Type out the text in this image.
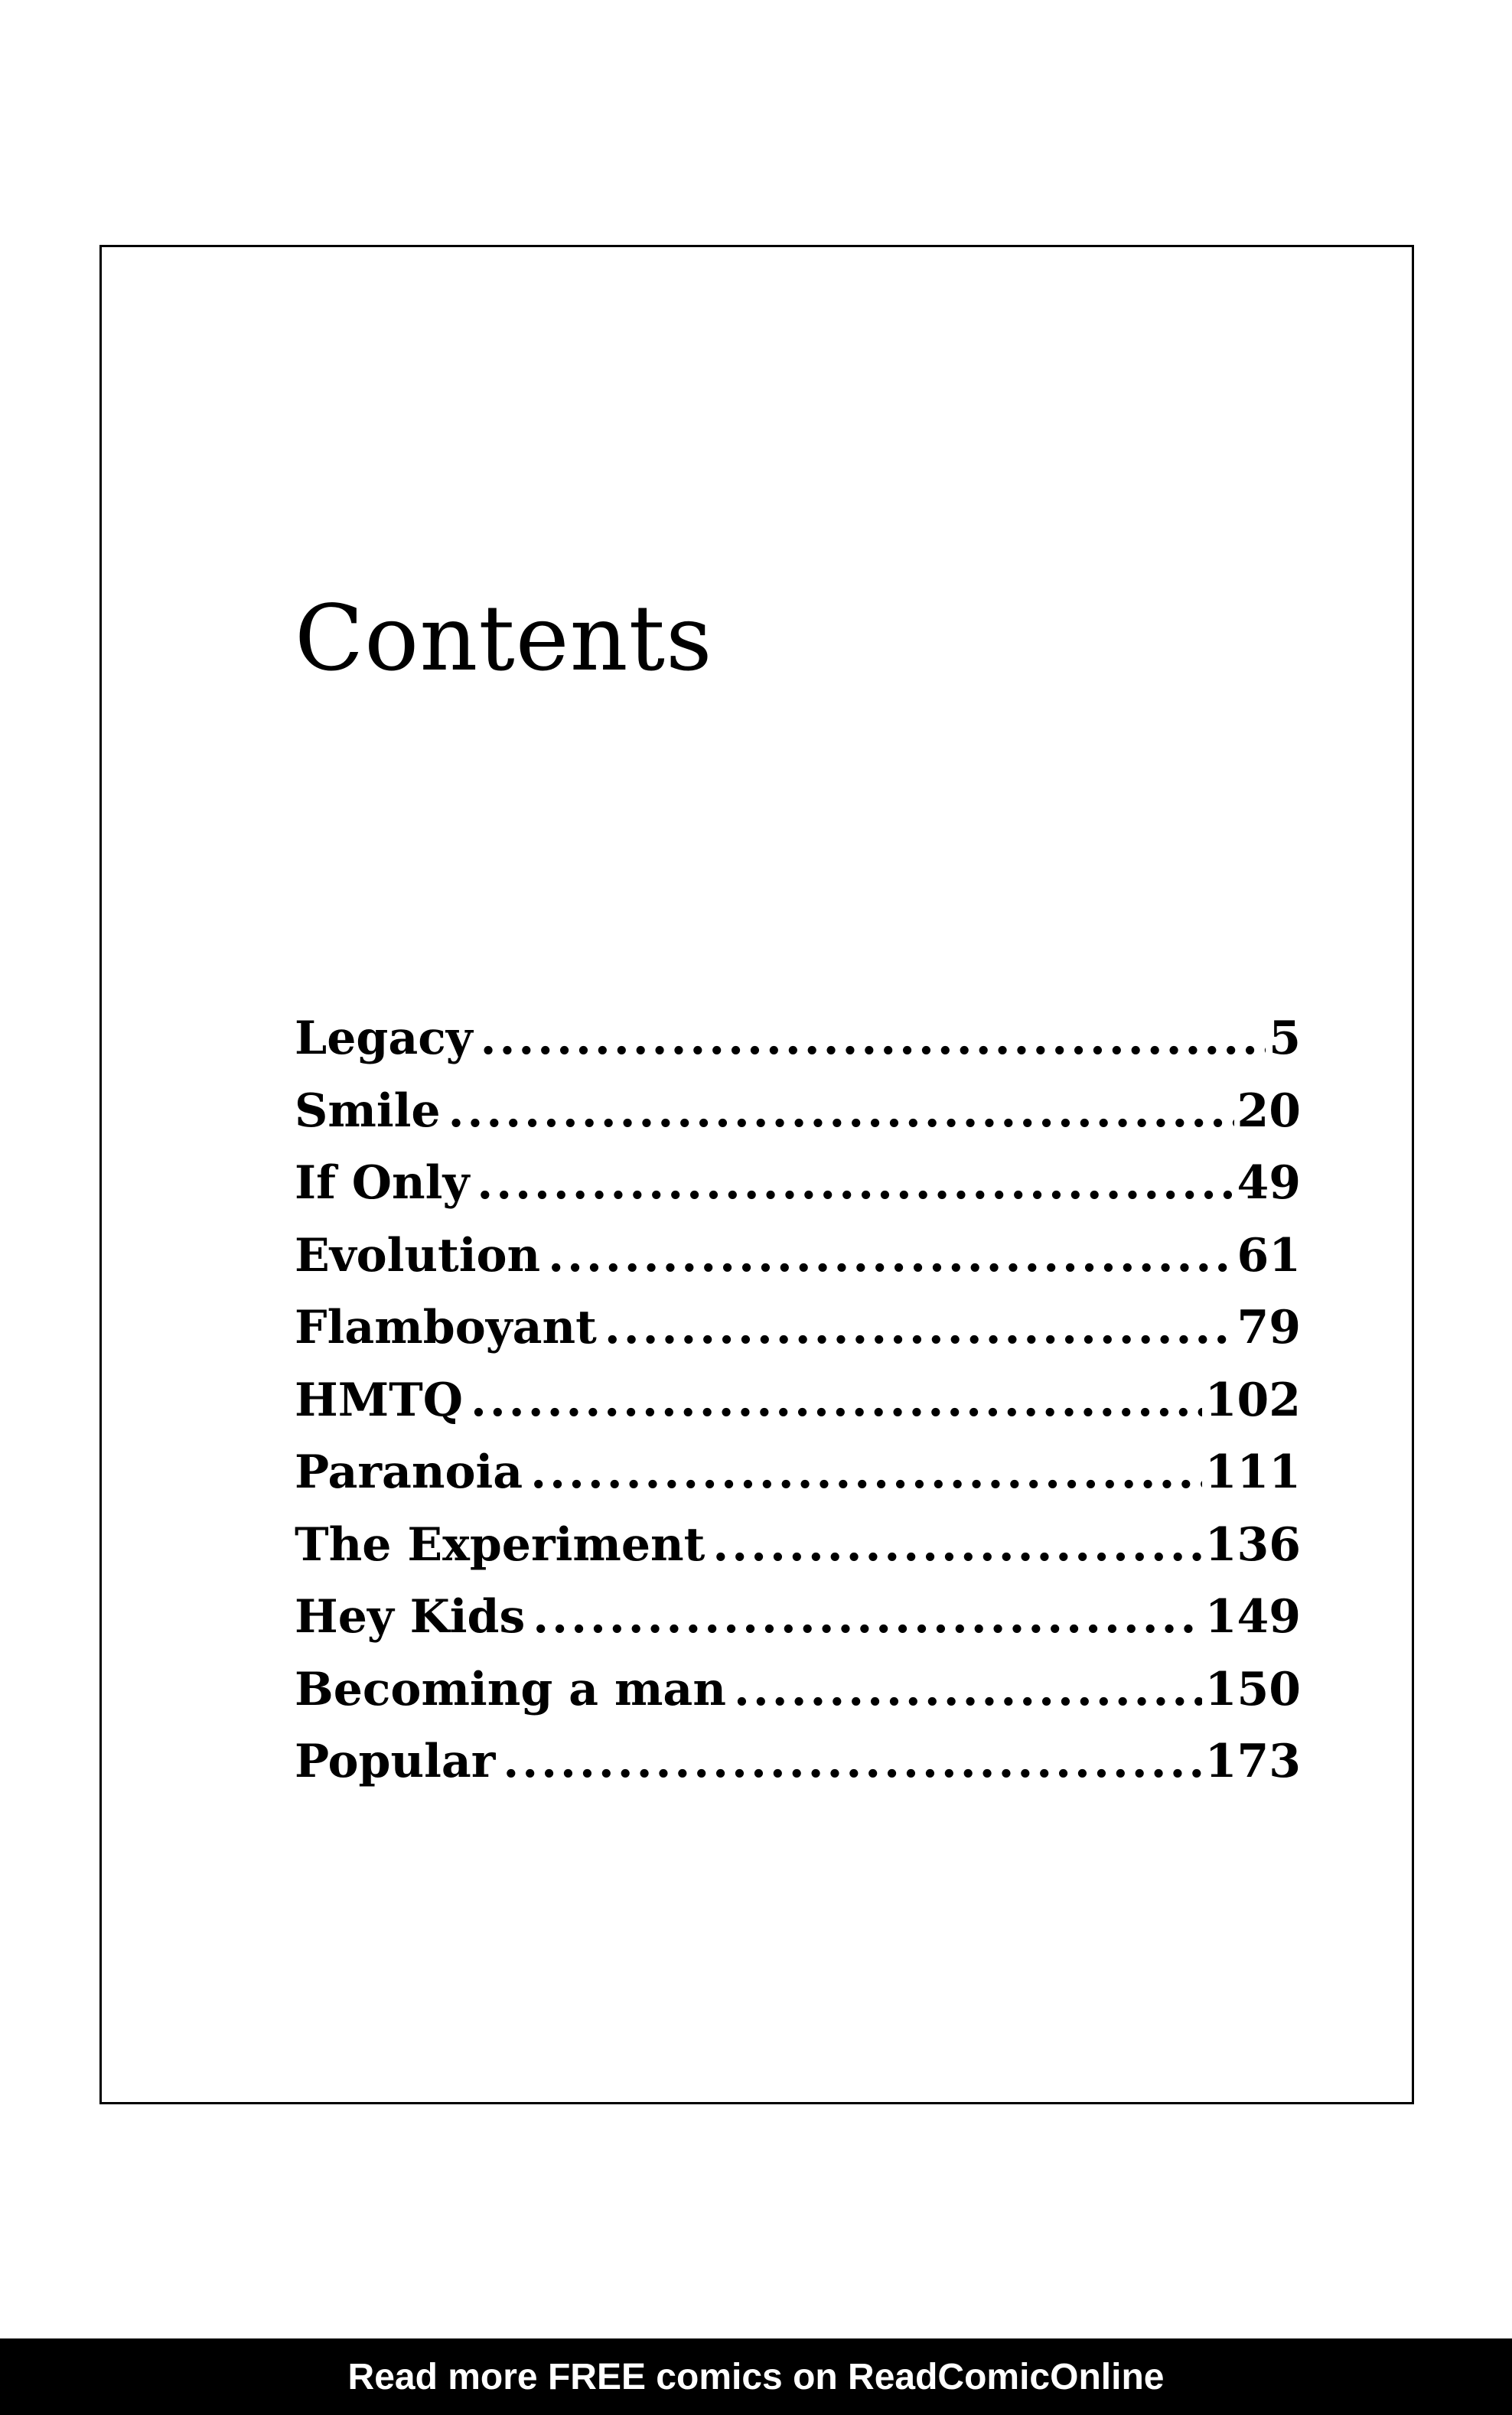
Contents
Legacy .....	5
Smile .....	20
If Only .....	49
Evolution .....	61
Flamboyant .....	79
HMTQ .....	102
Paranoia .....	111
The Experiment .....	136
Hey Kids .....	149
Becoming a man .....	150
Popular .....	173
Read more FREE comics on ReadComicOnline
